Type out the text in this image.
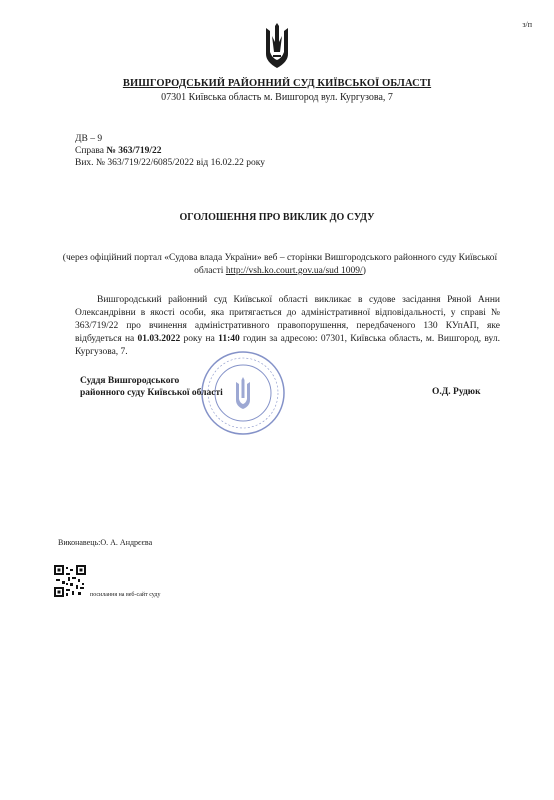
з/п
ВИШГОРОДСЬКИЙ РАЙОННИЙ СУД КИЇВСЬКОЇ ОБЛАСТІ
07301 Київська область м. Вишгород вул. Кургузова, 7
ДВ – 9
Справа № 363/719/22
Вих. № 363/719/22/6085/2022 від 16.02.22 року
ОГОЛОШЕННЯ ПРО ВИКЛИК ДО СУДУ
(через офіційний портал «Судова влада України» веб – сторінки Вишгородського районного суду Київської області http://vsh.ko.court.gov.ua/sud 1009/)
Вишгородський районний суд Київської області викликає в судове засідання Ряной Анни Олександрівни в якості особи, яка притягається до адміністративної відповідальності, у справі № 363/719/22 про вчинення адміністративного правопорушення, передбаченого 130 КУпАП, яке відбудеться на 01.03.2022 року на 11:40 годин за адресою: 07301, Київська область, м. Вишгород, вул. Кургузова, 7.
Суддя Вишгородського
районного суду Київської області	О.Д. Рудюк
Виконавець:О. А. Андрєєва
посилання на веб-сайт суду
